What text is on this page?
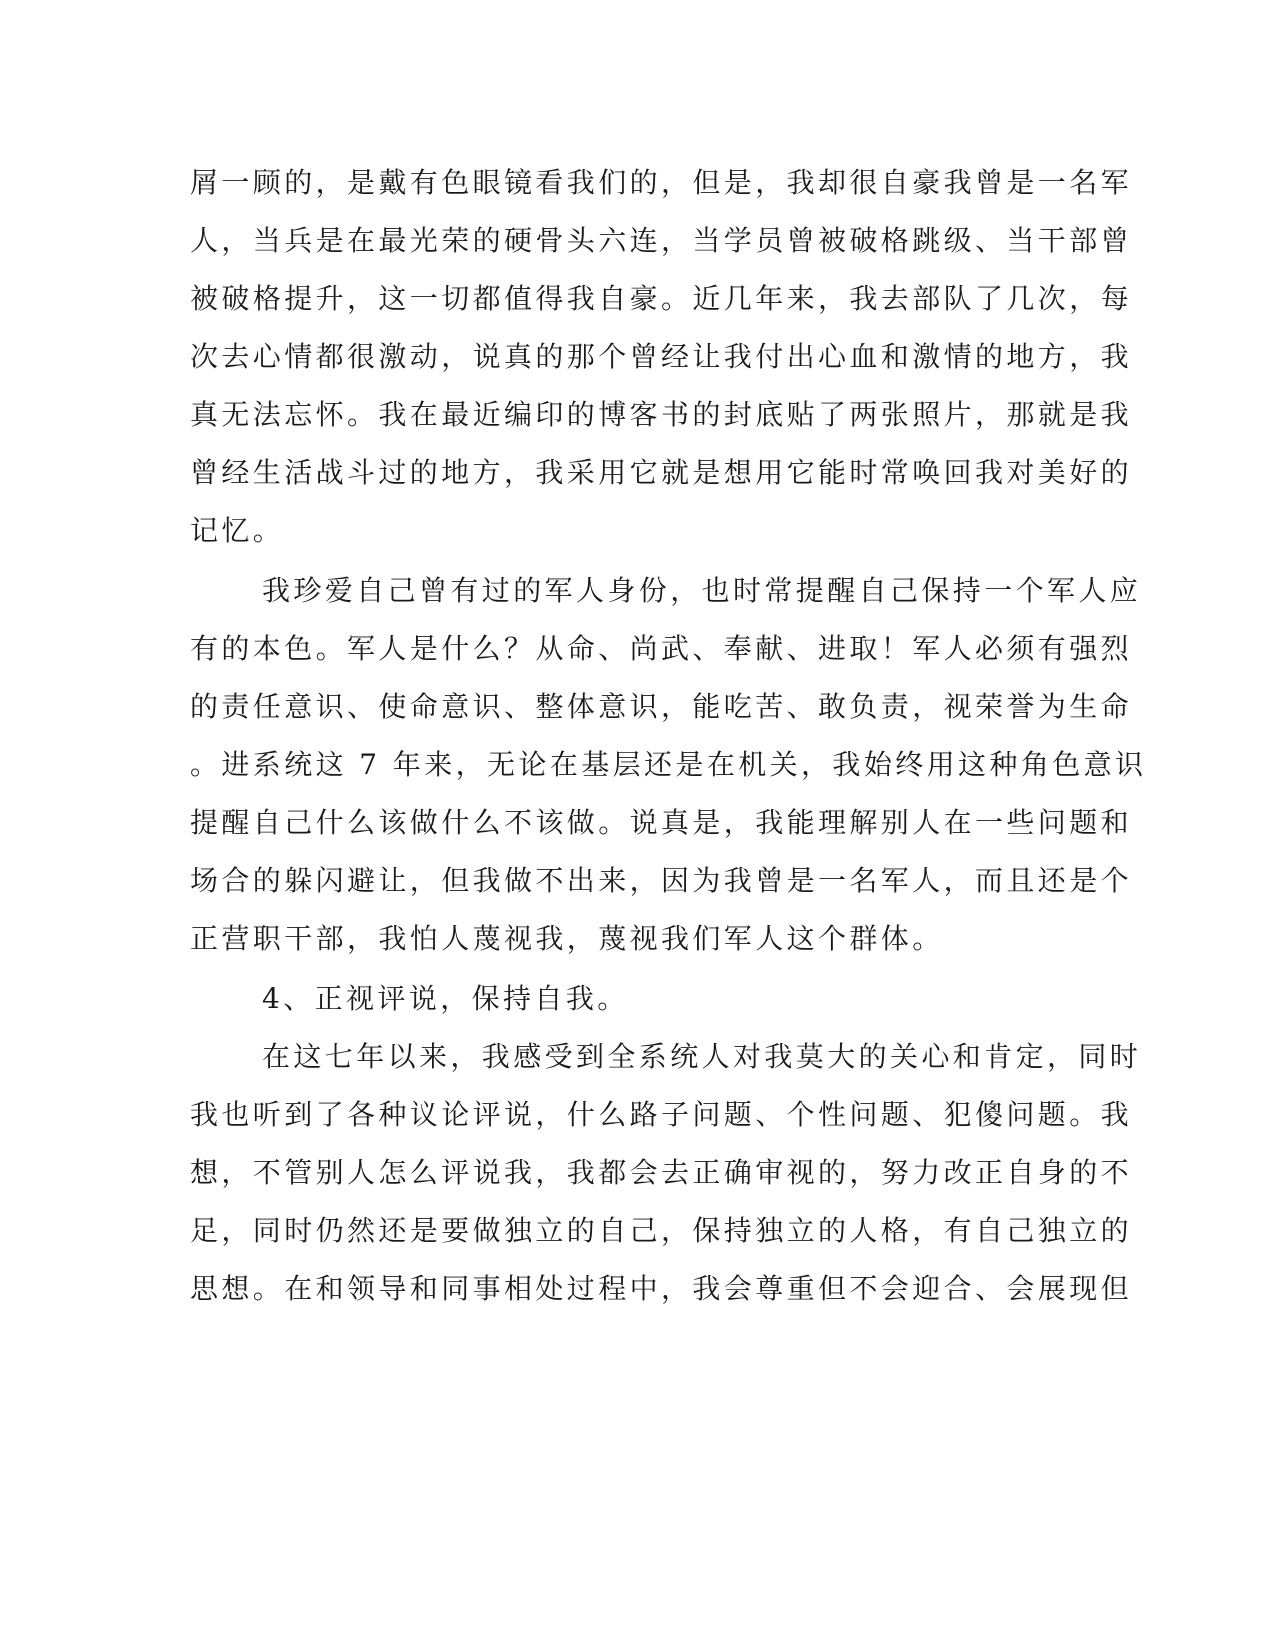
屑一顾的，是戴有色眼镜看我们的，但是，我却很自豪我曾是一名军

人，当兵是在最光荣的硬骨头六连，当学员曾被破格跳级、当干部曾

被破格提升，这一切都值得我自豪。近几年来，我去部队了几次，每

次去心情都很激动，说真的那个曾经让我付出心血和激情的地方，我

真无法忘怀。我在最近编印的博客书的封底贴了两张照片，那就是我

曾经生活战斗过的地方，我采用它就是想用它能时常唤回我对美好的

记忆。

我珍爱自己曾有过的军人身份，也时常提醒自己保持一个军人应

有的本色。军人是什么？从命、尚武、奉献、进取！军人必须有强烈

的责任意识、使命意识、整体意识，能吃苦、敢负责，视荣誉为生命

。进系统这 7 年来，无论在基层还是在机关，我始终用这种角色意识

提醒自己什么该做什么不该做。说真是，我能理解别人在一些问题和

场合的躲闪避让，但我做不出来，因为我曾是一名军人，而且还是个

正营职干部，我怕人蔑视我，蔑视我们军人这个群体。

4、正视评说，保持自我。

在这七年以来，我感受到全系统人对我莫大的关心和肯定，同时

我也听到了各种议论评说，什么路子问题、个性问题、犯傻问题。我

想，不管别人怎么评说我，我都会去正确审视的，努力改正自身的不

足，同时仍然还是要做独立的自己，保持独立的人格，有自己独立的

思想。在和领导和同事相处过程中，我会尊重但不会迎合、会展现但
